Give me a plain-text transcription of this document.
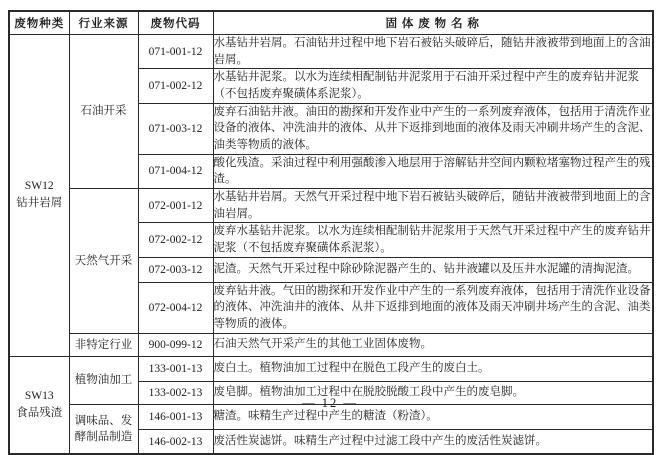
废物种类	行业来源	废物代码	固 体 废 物 名 称

SW12
钻井岩屑	石油开采	071-001-12	水基钻井岩屑。石油钻井过程中地下岩石被钻头破碎后，随钻井液被带到地面上的含油岩屑。
		071-002-12	水基钻井泥浆。以水为连续相配制钻井泥浆用于石油开采过程中产生的废弃钻井泥浆（不包括废弃聚磺体系泥浆）。
		071-003-12	废弃石油钻井液。油田的勘探和开发作业中产生的一系列废弃液体，包括用于清洗作业设备的液体、冲洗油井的液体、从井下返排到地面的液体及雨天冲刷井场产生的含泥、油类等物质的液体。
		071-004-12	酸化残渣。采油过程中利用强酸渗入地层用于溶解钻井空间内颗粒堵塞物过程产生的残渣。
	天然气开采	072-001-12	水基钻井岩屑。天然气开采过程中地下岩石被钻头破碎后，随钻井液被带到地面上的含油岩屑。
		072-002-12	废弃水基钻井泥浆。以水为连续相配制钻井泥浆用于天然气开采过程中产生的废弃钻井泥浆（不包括废弃聚磺体系泥浆）。
		072-003-12	泥渣。天然气开采过程中除砂除泥器产生的、钻井液罐以及压井水泥罐的清掏泥渣。
		072-004-12	废弃钻井液。气田的勘探和开发作业中产生的一系列废弃液体，包括用于清洗作业设备的液体、冲洗油井的液体、从井下返排到地面的液体及雨天冲刷井场产生的含泥、油类等物质的液体。
	非特定行业	900-099-12	石油天然气开采产生的其他工业固体废物。

SW13
食品残渣	植物油加工	133-001-13	废白土。植物油加工过程中在脱色工段产生的废白土。
		133-002-13	废皂脚。植物油加工过程中在脱胶脱酸工段中产生的废皂脚。
	调味品、发酵制品制造	146-001-13	糖渣。味精生产过程中产生的糖渣（粉渣）。
		146-002-13	废活性炭滤饼。味精生产过程中过滤工段中产生的废活性炭滤饼。
— 12 —
